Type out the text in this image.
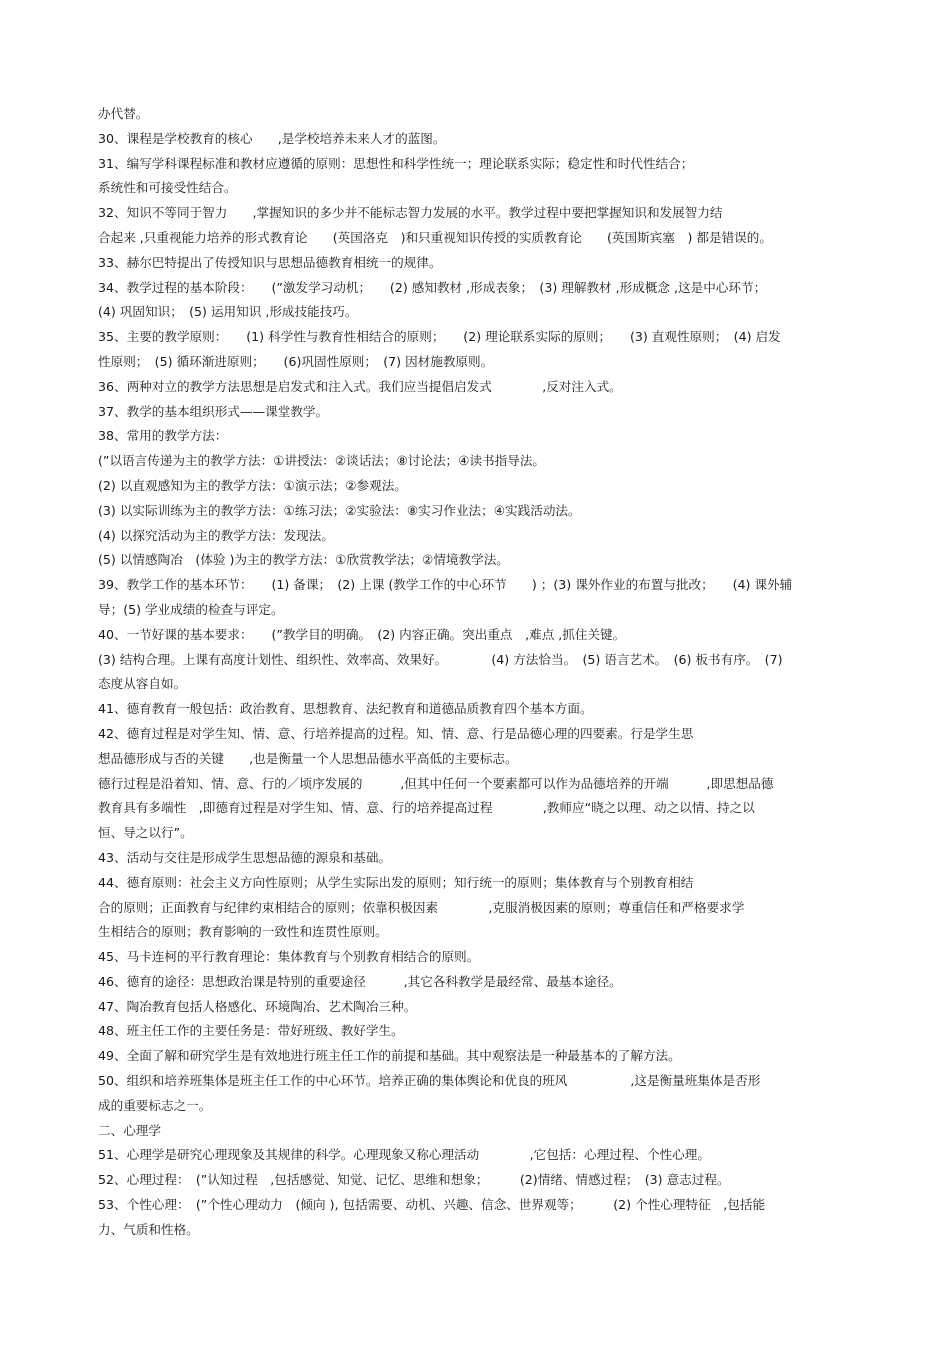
办代替。
30、课程是学校教育的核心　　,是学校培养未来人才的蓝图。
31、编写学科课程标准和教材应遵循的原则：思想性和科学性统一；理论联系实际；稳定性和时代性结合；
系统性和可接受性结合。
32、知识不等同于智力　　,掌握知识的多少并不能标志智力发展的水平。教学过程中要把掌握知识和发展智力结
合起来 ,只重视能力培养的形式教育论　　(英国洛克　)和只重视知识传授的实质教育论　　(英国斯宾塞　) 都是错误的。
33、赫尔巴特提出了传授知识与思想品德教育相统一的规律。
34、教学过程的基本阶段：　　(”激发学习动机；　　(2) 感知教材 ,形成表象；　(3) 理解教材 ,形成概念 ,这是中心环节；
(4) 巩固知识；　(5) 运用知识 ,形成技能技巧。
35、主要的教学原则：　　(1) 科学性与教育性相结合的原则；　　(2) 理论联系实际的原则；　　(3) 直观性原则；　(4) 启发
性原则；　(5) 循环渐进原则；　　(6)巩固性原则；　(7) 因材施教原则。
36、两种对立的教学方法思想是启发式和注入式。我们应当提倡启发式　　　　,反对注入式。
37、教学的基本组织形式——课堂教学。
38、常用的教学方法：
(”以语言传递为主的教学方法：①讲授法：②谈话法；⑧讨论法；④读书指导法。
(2) 以直观感知为主的教学方法：①演示法；②参观法。
(3) 以实际训练为主的教学方法：①练习法；②实验法：⑧实习作业法；④实践活动法。
(4) 以探究活动为主的教学方法：发现法。
(5) 以情感陶冶　(体验 )为主的教学方法：①欣赏教学法；②情境教学法。
39、教学工作的基本环节：　　(1) 备课；　(2) 上课 (教学工作的中心环节　　) ；(3) 课外作业的布置与批改；　　(4) 课外辅
导；(5) 学业成绩的检查与评定。
40、一节好课的基本要求：　　(”教学目的明确。　(2) 内容正确。突出重点　,难点 ,抓住关键。
(3) 结构合理。上课有高度计划性、组织性、效率高、效果好。　　　　(4) 方法恰当。　(5) 语言艺术。　(6) 板书有序。　(7)
态度从容自如。
41、德育教育一般包括：政治教育、思想教育、法纪教育和道德品质教育四个基本方面。
42、德育过程是对学生知、情、意、行培养提高的过程。知、情、意、行是品德心理的四要素。行是学生思
想品德形成与否的关键　　,也是衡量一个人思想品德水平高低的主要标志。
德行过程是沿着知、情、意、行的／顷序发展的　　　,但其中任何一个要素都可以作为品德培养的开端　　　,即思想品德
教育具有多端性　,即德育过程是对学生知、情、意、行的培养提高过程　　　　,教师应“晓之以理、动之以情、持之以
恒、导之以行”。
43、活动与交往是形成学生思想品德的源泉和基础。
44、德育原则：社会主义方向性原则；从学生实际出发的原则；知行统一的原则；集体教育与个别教育相结
合的原则；正面教育与纪律约束相结合的原则；依靠积极因素　　　　,克服消极因素的原则；尊重信任和严格要求学
生相结合的原则；教育影响的一致性和连贯性原则。
45、马卡连柯的平行教育理论：集体教育与个别教育相结合的原则。
46、德育的途径：思想政治课是特别的重要途径　　　,其它各科教学是最经常、最基本途径。
47、陶冶教育包括人格感化、环境陶冶、艺术陶冶三种。
48、班主任工作的主要任务是：带好班级、教好学生。
49、全面了解和研究学生是有效地进行班主任工作的前提和基础。其中观察法是一种最基本的了解方法。
50、组织和培养班集体是班主任工作的中心环节。培养正确的集体舆论和优良的班风　　　　　,这是衡量班集体是否形
成的重要标志之一。
二、心理学
51、心理学是研究心理现象及其规律的科学。心理现象又称心理活动　　　　,它包括：心理过程、个性心理。
52、心理过程：　(”认知过程　,包括感觉、知觉、记忆、思维和想象；　　　(2)情绪、情感过程；　(3) 意志过程。
53、个性心理：　(”个性心理动力　(倾向 ), 包括需要、动机、兴趣、信念、世界观等；　　　(2) 个性心理特征　,包括能
力、气质和性格。
